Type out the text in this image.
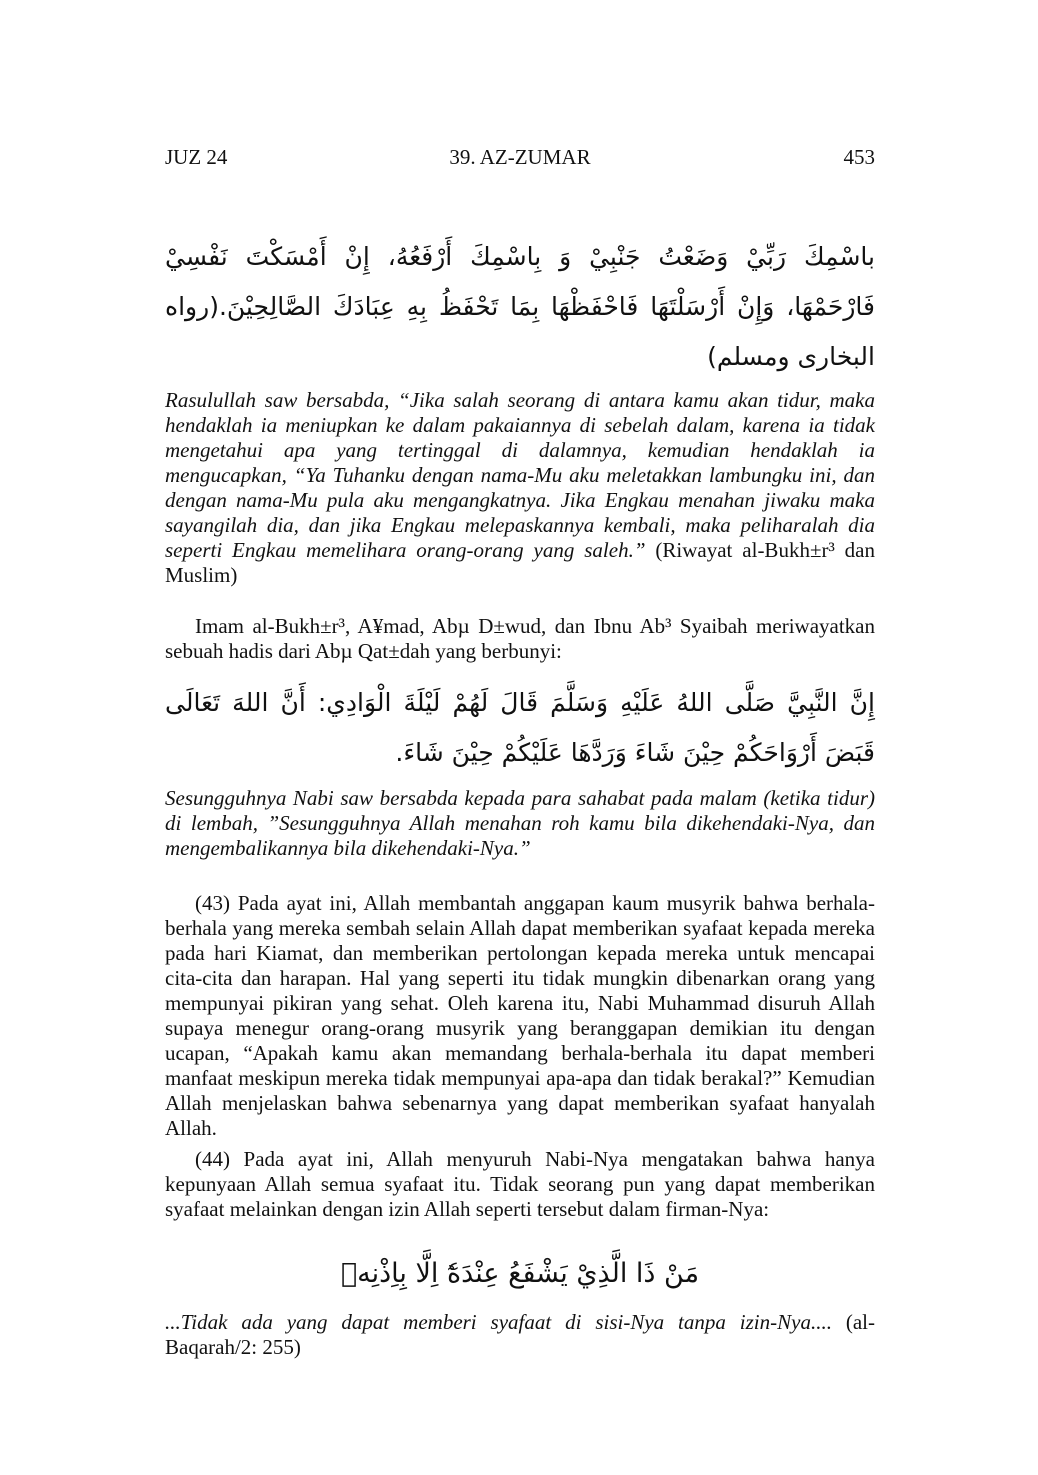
JUZ 24	39. AZ-ZUMAR	453

باسْمِكَ رَبِّيْ وَضَعْتُ جَنْبِيْ وَ بِاسْمِكَ أَرْفَعُهُ، إِنْ أَمْسَكْتَ نَفْسِيْ فَارْحَمْهَا، وَإِنْ أَرْسَلْتَهَا فَاحْفَظْهَا بِمَا تَحْفَظُ بِهِ عِبَادَكَ الصَّالِحِيْنَ.(رواه البخارى ومسلم)

Rasulullah saw bersabda, “Jika salah seorang di antara kamu akan tidur, maka hendaklah ia meniupkan ke dalam pakaiannya di sebelah dalam, karena ia tidak mengetahui apa yang tertinggal di dalamnya, kemudian hendaklah ia mengucapkan, “Ya Tuhanku dengan nama-Mu aku meletakkan lambungku ini, dan dengan nama-Mu pula aku mengangkatnya. Jika Engkau menahan jiwaku maka sayangilah dia, dan jika Engkau melepaskannya kembali, maka peliharalah dia seperti Engkau memelihara orang-orang yang saleh.” (Riwayat al-Bukh±r³ dan Muslim)

Imam al-Bukh±r³, A¥mad, Abµ D±wud, dan Ibnu Ab³ Syaibah meriwayatkan sebuah hadis dari Abµ Qat±dah yang berbunyi:

إِنَّ النَّبِيَّ صَلَّى اللهُ عَلَيْهِ وَسَلَّمَ قَالَ لَهُمْ لَيْلَةَ الْوَادِي: أَنَّ اللهَ تَعَالَى قَبَضَ أَرْوَاحَكُمْ حِيْنَ شَاءَ وَرَدَّهَا عَلَيْكُمْ حِيْنَ شَاءَ.

Sesungguhnya Nabi saw bersabda kepada para sahabat pada malam (ketika tidur) di lembah, ”Sesungguhnya Allah menahan roh kamu bila dikehendaki-Nya, dan mengembalikannya bila dikehendaki-Nya.”

(43) Pada ayat ini, Allah membantah anggapan kaum musyrik bahwa berhala-berhala yang mereka sembah selain Allah dapat memberikan syafaat kepada mereka pada hari Kiamat, dan memberikan pertolongan kepada mereka untuk mencapai cita-cita dan harapan. Hal yang seperti itu tidak mungkin dibenarkan orang yang mempunyai pikiran yang sehat. Oleh karena itu, Nabi Muhammad disuruh Allah supaya menegur orang-orang musyrik yang beranggapan demikian itu dengan ucapan, “Apakah kamu akan memandang berhala-berhala itu dapat memberi manfaat meskipun mereka tidak mempunyai apa-apa dan tidak berakal?” Kemudian Allah menjelaskan bahwa sebenarnya yang dapat memberikan syafaat hanyalah Allah.

(44) Pada ayat ini, Allah menyuruh Nabi-Nya mengatakan bahwa hanya kepunyaan Allah semua syafaat itu. Tidak seorang pun yang dapat memberikan syafaat melainkan dengan izin Allah seperti tersebut dalam firman-Nya:

مَنْ ذَا الَّذِيْ يَشْفَعُ عِنْدَهٗٓ اِلَّا بِاِذْنِهٖ

...Tidak ada yang dapat memberi syafaat di sisi-Nya tanpa izin-Nya.... (al-Baqarah/2: 255)
